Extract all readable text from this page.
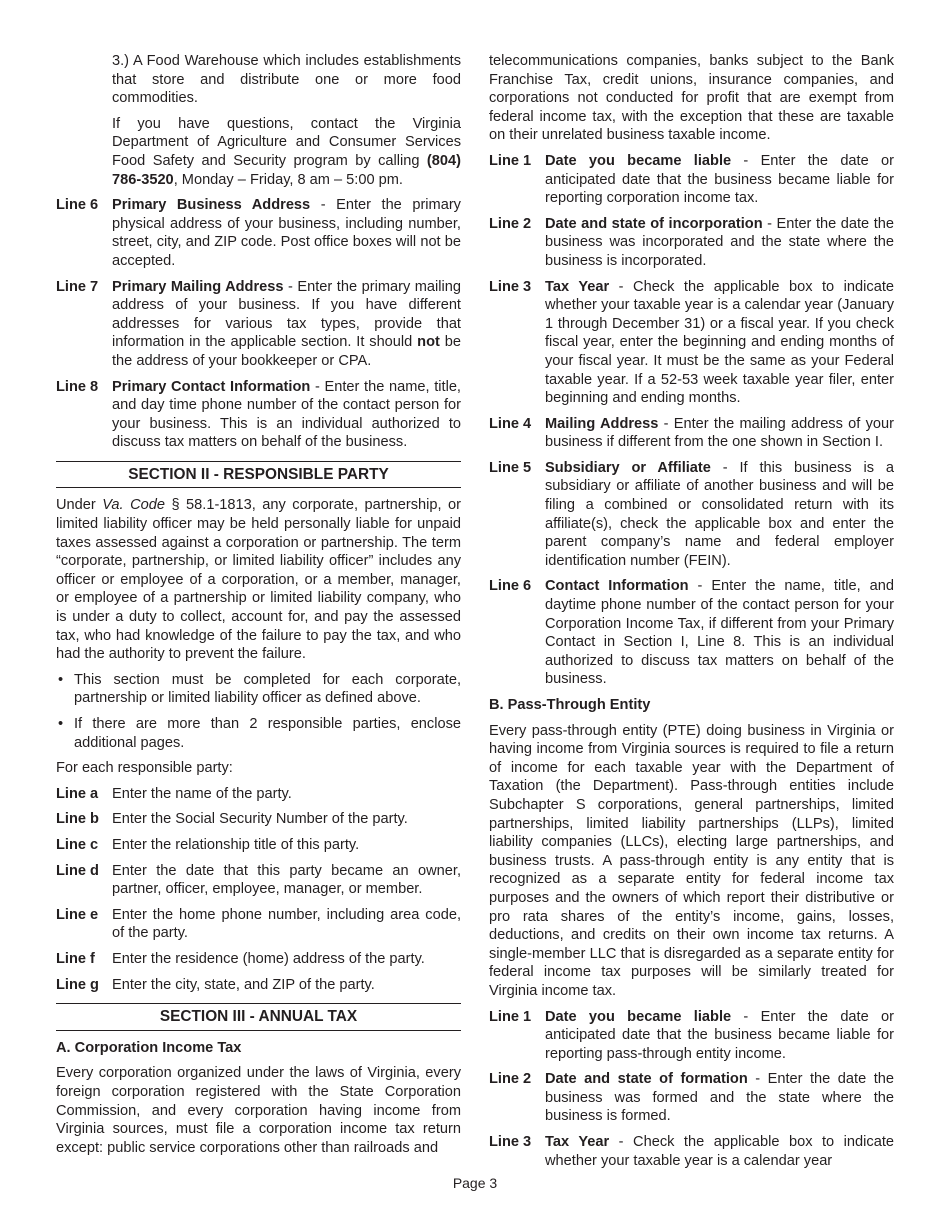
3.) A Food Warehouse which includes establishments that store and distribute one or more food commodities.

If you have questions, contact the Virginia Department of Agriculture and Consumer Services Food Safety and Security program by calling (804) 786-3520, Monday – Friday, 8 am – 5:00 pm.

Line 6 Primary Business Address - Enter the primary physical address of your business, including number, street, city, and ZIP code. Post office boxes will not be accepted.
Line 7 Primary Mailing Address - Enter the primary mailing address of your business. If you have different addresses for various tax types, provide that information in the applicable section. It should not be the address of your bookkeeper or CPA.
Line 8 Primary Contact Information - Enter the name, title, and day time phone number of the contact person for your business. This is an individual authorized to discuss tax matters on behalf of the business.
SECTION II - RESPONSIBLE PARTY

Under Va. Code § 58.1-1813, any corporate, partnership, or limited liability officer may be held personally liable for unpaid taxes assessed against a corporation or partnership. The term “corporate, partnership, or limited liability officer” includes any officer or employee of a corporation, or a member, manager, or employee of a partnership or limited liability company, who is under a duty to collect, account for, and pay the assessed tax, who had knowledge of the failure to pay the tax, and who had the authority to prevent the failure.

• This section must be completed for each corporate, partnership or limited liability officer as defined above.
• If there are more than 2 responsible parties, enclose additional pages.

For each responsible party:

Line a Enter the name of the party.
Line b Enter the Social Security Number of the party.
Line c Enter the relationship title of this party.
Line d Enter the date that this party became an owner, partner, officer, employee, manager, or member.
Line e Enter the home phone number, including area code, of the party.
Line f	Enter the residence (home) address of the party.
Line g Enter the city, state, and ZIP of the party.
SECTION III - ANNUAL TAX
A. Corporation Income Tax

Every corporation organized under the laws of Virginia, every foreign corporation registered with the State Corporation Commission, and every corporation having income from Virginia sources, must file a corporation income tax return except: public service corporations other than railroads and

telecommunications companies, banks subject to the Bank Franchise Tax, credit unions, insurance companies, and corporations not conducted for profit that are exempt from federal income tax, with the exception that these are taxable on their unrelated business taxable income.

Line 1 Date you became liable - Enter the date or anticipated date that the business became liable for reporting corporation income tax.
Line 2 Date and state of incorporation - Enter the date the business was incorporated and the state where the business is incorporated.
Line 3 Tax Year - Check the applicable box to indicate whether your taxable year is a calendar year (January 1 through December 31) or a fiscal year. If you check fiscal year, enter the beginning and ending months of your fiscal year. It must be the same as your Federal taxable year. If a 52-53 week taxable year filer, enter beginning and ending months.
Line 4 Mailing Address - Enter the mailing address of your business if different from the one shown in Section I.
Line 5 Subsidiary or Affiliate - If this business is a subsidiary or affiliate of another business and will be filing a combined or consolidated return with its affiliate(s), check the applicable box and enter the parent company’s name and federal employer identification number (FEIN).
Line 6 Contact Information - Enter the name, title, and daytime phone number of the contact person for your Corporation Income Tax, if different from your Primary Contact in Section I, Line 8. This is an individual authorized to discuss tax matters on behalf of the business.
B. Pass-Through Entity

Every pass-through entity (PTE) doing business in Virginia or having income from Virginia sources is required to file a return of income for each taxable year with the Department of Taxation (the Department). Pass-through entities include Subchapter S corporations, general partnerships, limited partnerships, limited liability partnerships (LLPs), limited liability companies (LLCs), electing large partnerships, and business trusts. A pass-through entity is any entity that is recognized as a separate entity for federal income tax purposes and the owners of which report their distributive or pro rata shares of the entity’s income, gains, losses, deductions, and credits on their own income tax returns. A single-member LLC that is disregarded as a separate entity for federal income tax purposes will be similarly treated for Virginia income tax.

Line 1 Date you became liable - Enter the date or anticipated date that the business became liable for reporting pass-through entity income.
Line 2 Date and state of formation - Enter the date the business was formed and the state where the business is formed.
Line 3 Tax Year - Check the applicable box to indicate whether your taxable year is a calendar year
Page 3
